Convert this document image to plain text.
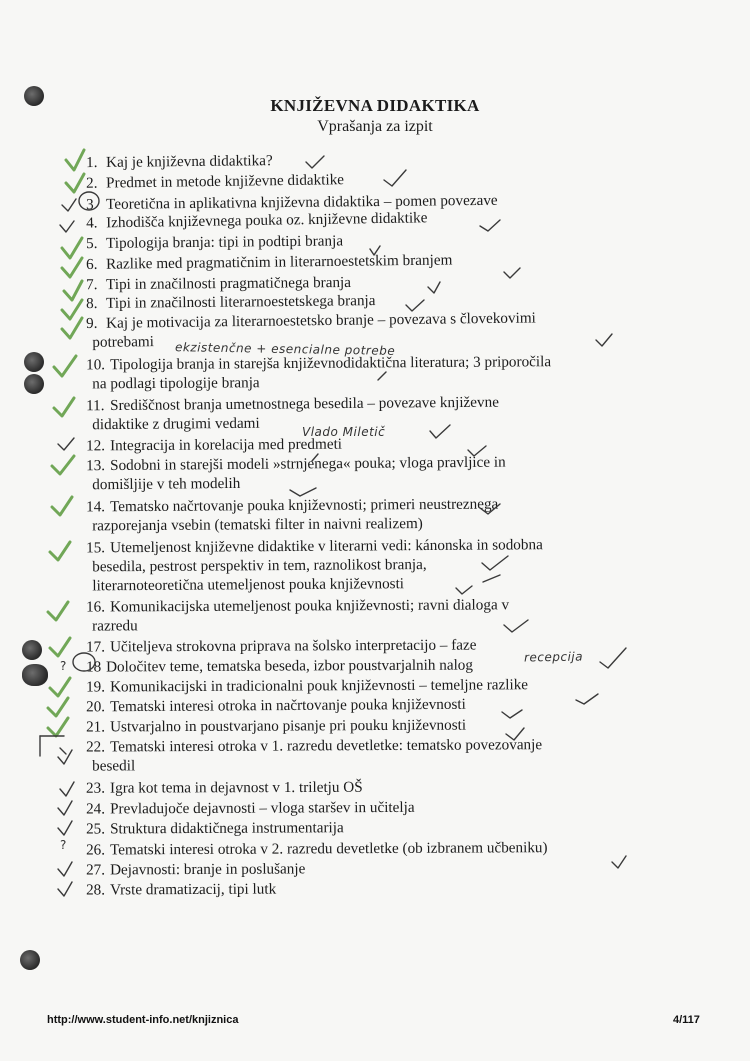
KNJIŽEVNA DIDAKTIKA
Vprašanja za izpit
1. Kaj je književna didaktika?
2. Predmet in metode književne didaktike
3 Teoretična in aplikativna književna didaktika – pomen povezave
4. Izhodišča književnega pouka oz. književne didaktike
5. Tipologija branja: tipi in podtipi branja
6. Razlike med pragmatičnim in literarnoestetskim branjem
7. Tipi in značilnosti pragmatičnega branja
8. Tipi in značilnosti literarnoestetskega branja
9. Kaj je motivacija za literarnoestetsko branje – povezava s človekovimi
potrebami
10. Tipologija branja in starejša književnodidaktična literatura; 3 priporočila
na podlagi tipologije branja
11. Središčnost branja umetnostnega besedila – povezave književne
didaktike z drugimi vedami
12. Integracija in korelacija med predmeti
13. Sodobni in starejši modeli »strnjenega« pouka; vloga pravljice in
domišljije v teh modelih
14. Tematsko načrtovanje pouka književnosti; primeri neustreznega
razporejanja vsebin (tematski filter in naivni realizem)
15. Utemeljenost književne didaktike v literarni vedi: kánonska in sodobna
besedila, pestrost perspektiv in tem, raznolikost branja,
literarnoteoretična utemeljenost pouka književnosti
16. Komunikacijska utemeljenost pouka književnosti; ravni dialoga v
razredu
17. Učiteljeva strokovna priprava na šolsko interpretacijo – faze
18 Določitev teme, tematska beseda, izbor poustvarjalnih nalog
19. Komunikacijski in tradicionalni pouk književnosti – temeljne razlike
20. Tematski interesi otroka in načrtovanje pouka književnosti
21. Ustvarjalno in poustvarjano pisanje pri pouku književnosti
22. Tematski interesi otroka v 1. razredu devetletke: tematsko povezovanje
besedil
23. Igra kot tema in dejavnost v 1. triletju OŠ
24. Prevladujoče dejavnosti – vloga staršev in učitelja
25. Struktura didaktičnega instrumentarija
26. Tematski interesi otroka v 2. razredu devetletke (ob izbranem učbeniku)
27. Dejavnosti: branje in poslušanje
28. Vrste dramatizacij, tipi lutk
ekzistenčne + esencialne potrebe
Vlado Miletič
recepcija
?
?
http://www.student-info.net/knjiznica	4/117
